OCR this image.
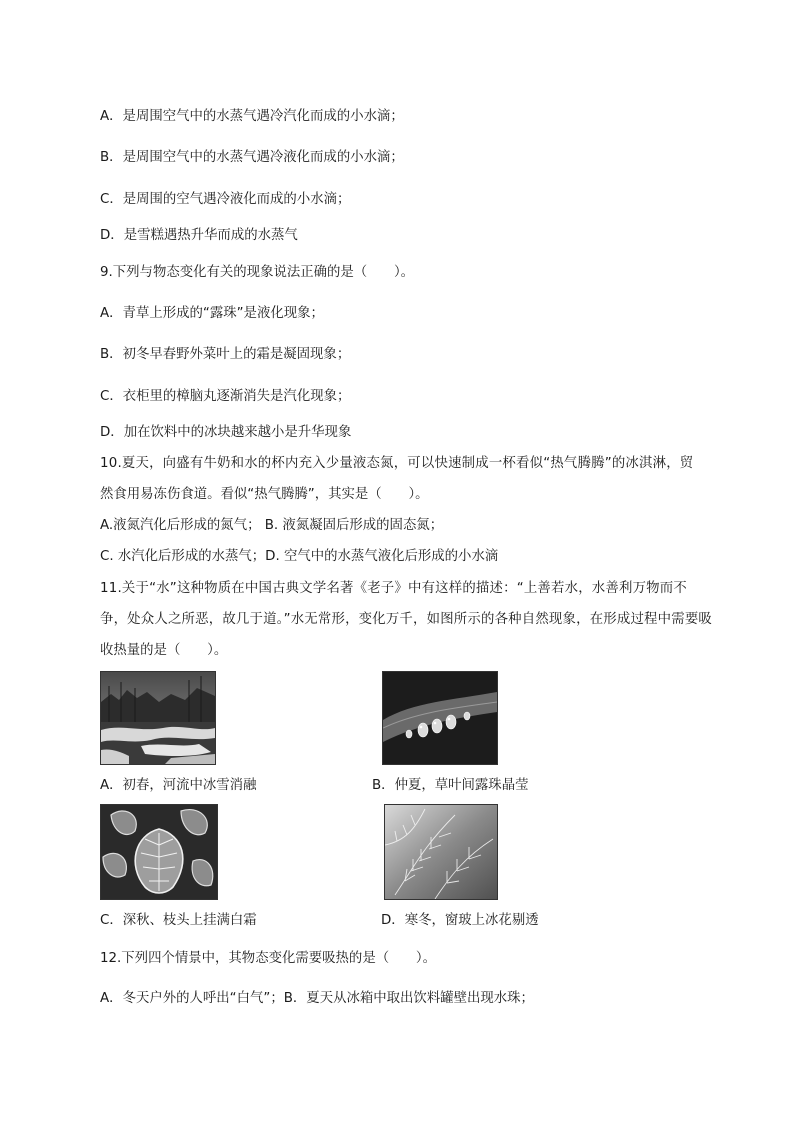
A．是周围空气中的水蒸气遇冷汽化而成的小水滴；
B．是周围空气中的水蒸气遇冷液化而成的小水滴；
C．是周围的空气遇冷液化而成的小水滴；
D．是雪糕遇热升华而成的水蒸气
9.下列与物态变化有关的现象说法正确的是（　　）。
A．青草上形成的“露珠”是液化现象；
B．初冬早春野外菜叶上的霜是凝固现象；
C．衣柜里的樟脑丸逐渐消失是汽化现象；
D．加在饮料中的冰块越来越小是升华现象
10.夏天，向盛有牛奶和水的杯内充入少量液态氮，可以快速制成一杯看似“热气腾腾”的冰淇淋，贸
然食用易冻伤食道。看似“热气腾腾”，其实是（　　）。
A.液氮汽化后形成的氮气； B. 液氮凝固后形成的固态氮；
C. 水汽化后形成的水蒸气；D. 空气中的水蒸气液化后形成的小水滴
11.关于“水”这种物质在中国古典文学名著《老子》中有这样的描述：“上善若水，水善利万物而不
争，处众人之所恶，故几于道。”水无常形，变化万千，如图所示的各种自然现象，在形成过程中需要吸
收热量的是（　　）。
A．初春，河流中冰雪消融	B．仲夏，草叶间露珠晶莹
C．深秋、枝头上挂满白霜	D．寒冬，窗玻上冰花剔透
12.下列四个情景中，其物态变化需要吸热的是（　　）。
A．冬天户外的人呼出“白气”；B．夏天从冰箱中取出饮料罐壁出现水珠；
